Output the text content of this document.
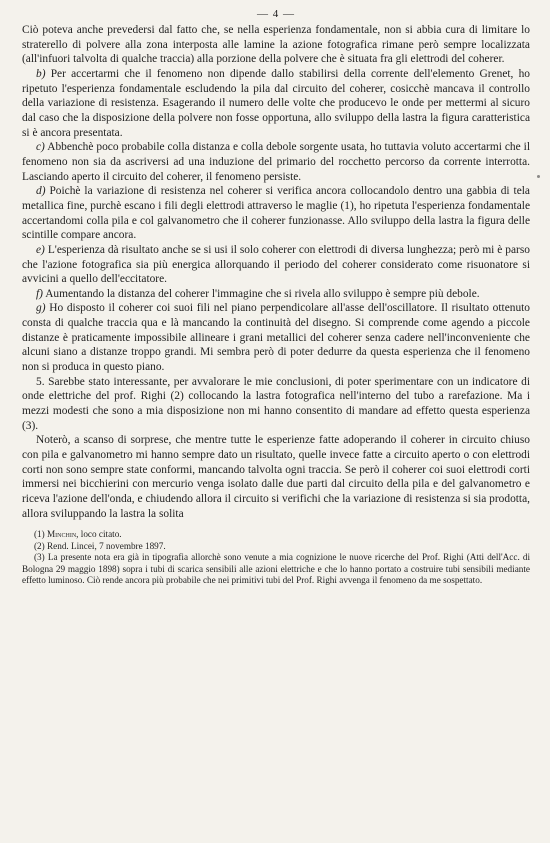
— 4 —

Ciò poteva anche prevedersi dal fatto che, se nella esperienza fondamentale, non si abbia cura di limitare lo straterello di polvere alla zona interposta alle lamine la azione fotografica rimane però sempre localizzata (all'infuori talvolta di qualche traccia) alla porzione della polvere che è situata fra gli elettrodi del coherer.

b) Per accertarmi che il fenomeno non dipende dallo stabilirsi della corrente dell'elemento Grenet, ho ripetuto l'esperienza fondamentale escludendo la pila dal circuito del coherer, cosicchè mancava il controllo della variazione di resistenza. Esagerando il numero delle volte che producevo le onde per mettermi al sicuro dal caso che la disposizione della polvere non fosse opportuna, allo sviluppo della lastra la figura caratteristica si è ancora presentata.

c) Abbenchè poco probabile colla distanza e colla debole sorgente usata, ho tuttavia voluto accertarmi che il fenomeno non sia da ascriversi ad una induzione del primario del rocchetto percorso da corrente interrotta. Lasciando aperto il circuito del coherer, il fenomeno persiste.

d) Poichè la variazione di resistenza nel coherer si verifica ancora collocandolo dentro una gabbia di tela metallica fine, purchè escano i fili degli elettrodi attraverso le maglie (1), ho ripetuta l'esperienza fondamentale accertandomi colla pila e col galvanometro che il coherer funzionasse. Allo sviluppo della lastra la figura delle scintille compare ancora.

e) L'esperienza dà risultato anche se si usi il solo coherer con elettrodi di diversa lunghezza; però mi è parso che l'azione fotografica sia più energica allorquando il periodo del coherer considerato come risuonatore si avvicini a quello dell'eccitatore.

f) Aumentando la distanza del coherer l'immagine che si rivela allo sviluppo è sempre più debole.

g) Ho disposto il coherer coi suoi fili nel piano perpendicolare all'asse dell'oscillatore. Il risultato ottenuto consta di qualche traccia qua e là mancando la continuità del disegno. Si comprende come agendo a piccole distanze è praticamente impossibile allineare i grani metallici del coherer senza cadere nell'inconveniente che alcuni siano a distanze troppo grandi. Mi sembra però di poter dedurre da questa esperienza che il fenomeno non si produca in questo piano.

5. Sarebbe stato interessante, per avvalorare le mie conclusioni, di poter sperimentare con un indicatore di onde elettriche del prof. Righi (2) collocando la lastra fotografica nell'interno del tubo a rarefazione. Ma i mezzi modesti che sono a mia disposizione non mi hanno consentito di mandare ad effetto questa esperienza (3).

Noterò, a scanso di sorprese, che mentre tutte le esperienze fatte adoperando il coherer in circuito chiuso con pila e galvanometro mi hanno sempre dato un risultato, quelle invece fatte a circuito aperto o con elettrodi corti non sono sempre state conformi, mancando talvolta ogni traccia. Se però il coherer coi suoi elettrodi corti immersi nei bicchierini con mercurio venga isolato dalle due parti dal circuito della pila e del galvanometro e riceva l'azione dell'onda, e chiudendo allora il circuito si verifichi che la variazione di resistenza si sia prodotta, allora sviluppando la lastra la solita

(1) Minchin, loco citato.

(2) Rend. Lincei, 7 novembre 1897.

(3) La presente nota era già in tipografia allorchè sono venute a mia cognizione le nuove ricerche del Prof. Righi (Atti dell'Acc. di Bologna 29 maggio 1898) sopra i tubi di scarica sensibili alle azioni elettriche e che lo hanno portato a costruire tubi sensibili mediante effetto luminoso. Ciò rende ancora più probabile che nei primitivi tubi del Prof. Righi avvenga il fenomeno da me sospettato.
